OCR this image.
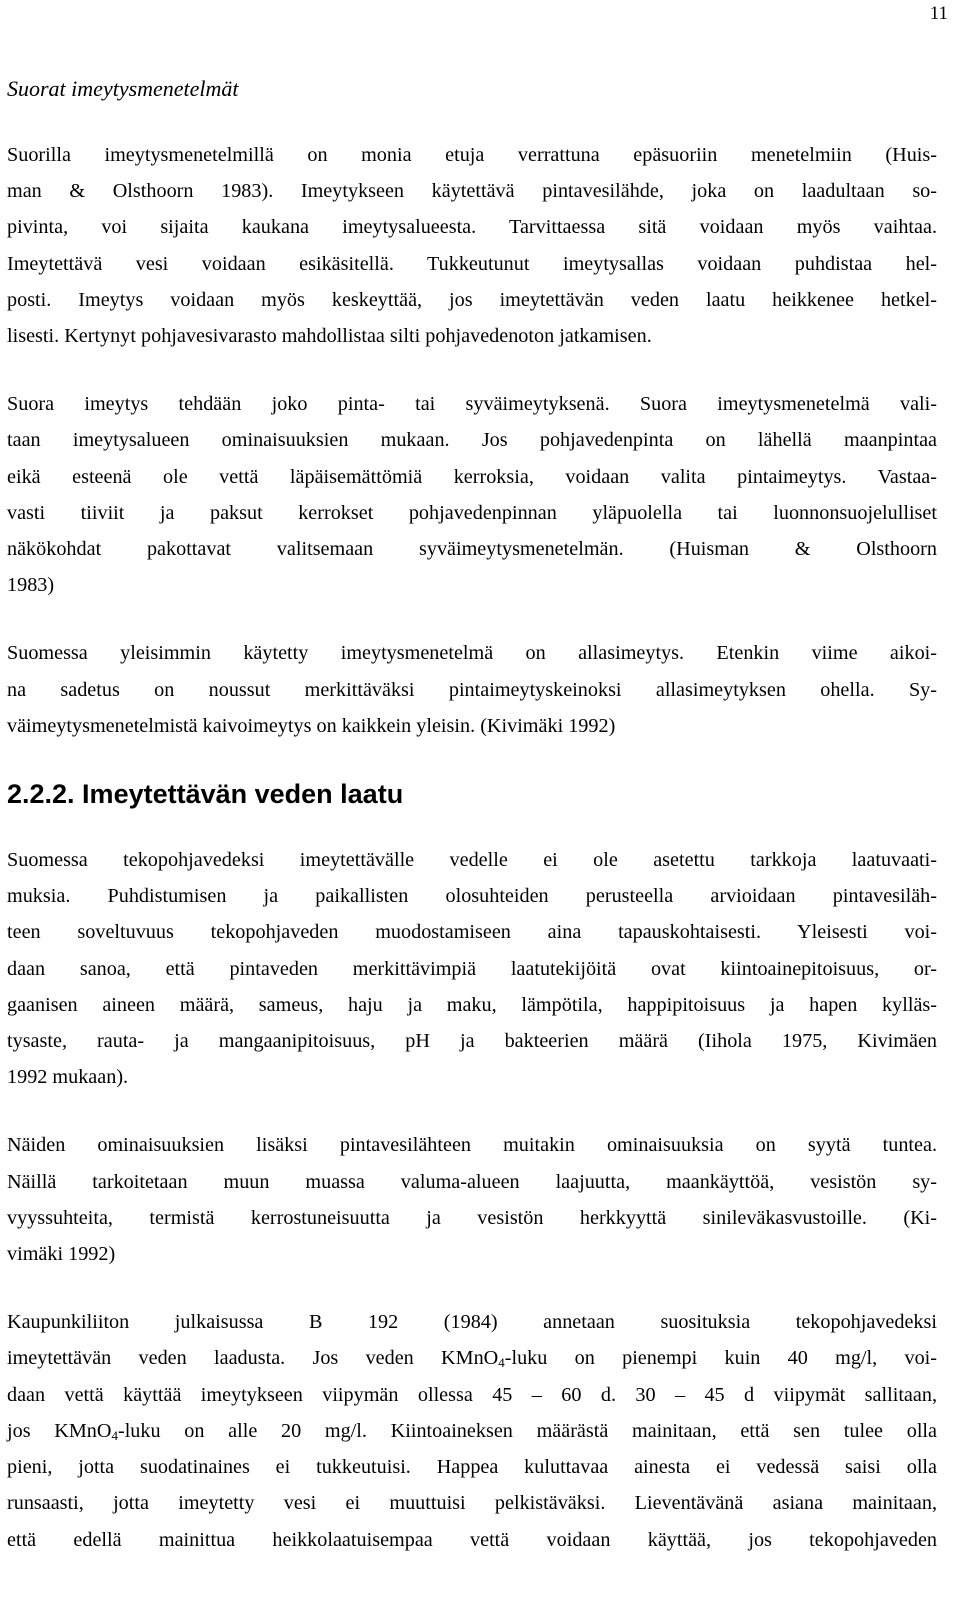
11
Suorat imeytysmenetelmät
Suorilla imeytysmenetelmillä on monia etuja verrattuna epäsuoriin menetelmiin (Huis-
man & Olsthoorn 1983). Imeytykseen käytettävä pintavesilähde, joka on laadultaan so-
pivinta, voi sijaita kaukana imeytysalueesta. Tarvittaessa sitä voidaan myös vaihtaa.
Imeytettävä vesi voidaan esikäsitellä. Tukkeutunut imeytysallas voidaan puhdistaa hel-
posti. Imeytys voidaan myös keskeyttää, jos imeytettävän veden laatu heikkenee hetkel-
lisesti. Kertynyt pohjavesivarasto mahdollistaa silti pohjavedenoton jatkamisen.
Suora imeytys tehdään joko pinta- tai syväimeytyksenä. Suora imeytysmenetelmä vali-
taan imeytysalueen ominaisuuksien mukaan. Jos pohjavedenpinta on lähellä maanpintaa
eikä esteenä ole vettä läpäisemättömiä kerroksia, voidaan valita pintaimeytys. Vastaa-
vasti tiiviit ja paksut kerrokset pohjavedenpinnan yläpuolella tai luonnonsuojelulliset
näkökohdat pakottavat valitsemaan syväimeytysmenetelmän. (Huisman & Olsthoorn
1983)
Suomessa yleisimmin käytetty imeytysmenetelmä on allasimeytys. Etenkin viime aikoi-
na sadetus on noussut merkittäväksi pintaimeytyskeinoksi allasimeytyksen ohella. Sy-
väimeytysmenetelmistä kaivoimeytys on kaikkein yleisin. (Kivimäki 1992)
2.2.2. Imeytettävän veden laatu
Suomessa tekopohjavedeksi imeytettävälle vedelle ei ole asetettu tarkkoja laatuvaati-
muksia. Puhdistumisen ja paikallisten olosuhteiden perusteella arvioidaan pintavesiläh-
teen soveltuvuus tekopohjaveden muodostamiseen aina tapauskohtaisesti. Yleisesti voi-
daan sanoa, että pintaveden merkittävimpiä laatutekijöitä ovat kiintoainepitoisuus, or-
gaanisen aineen määrä, sameus, haju ja maku, lämpötila, happipitoisuus ja hapen kylläs-
tysaste, rauta- ja mangaanipitoisuus, pH ja bakteerien määrä (Iihola 1975, Kivimäen
1992 mukaan).
Näiden ominaisuuksien lisäksi pintavesilähteen muitakin ominaisuuksia on syytä tuntea.
Näillä tarkoitetaan muun muassa valuma-alueen laajuutta, maankäyttöä, vesistön sy-
vyyssuhteita, termistä kerrostuneisuutta ja vesistön herkkyyttä sinileväkasvustoille. (Ki-
vimäki 1992)
Kaupunkiliiton julkaisussa B 192 (1984) annetaan suosituksia tekopohjavedeksi
imeytettävän veden laadusta. Jos veden KMnO$_4$-luku on pienempi kuin 40 mg/l, voi-
daan vettä käyttää imeytykseen viipymän ollessa 45 – 60 d. 30 – 45 d viipymät sallitaan,
jos KMnO$_4$-luku on alle 20 mg/l. Kiintoaineksen määrästä mainitaan, että sen tulee olla
pieni, jotta suodatinaines ei tukkeutuisi. Happea kuluttavaa ainesta ei vedessä saisi olla
runsaasti, jotta imeytetty vesi ei muuttuisi pelkistäväksi. Lieventävänä asiana mainitaan,
että edellä mainittua heikkolaatuisempaa vettä voidaan käyttää, jos tekopohjaveden
